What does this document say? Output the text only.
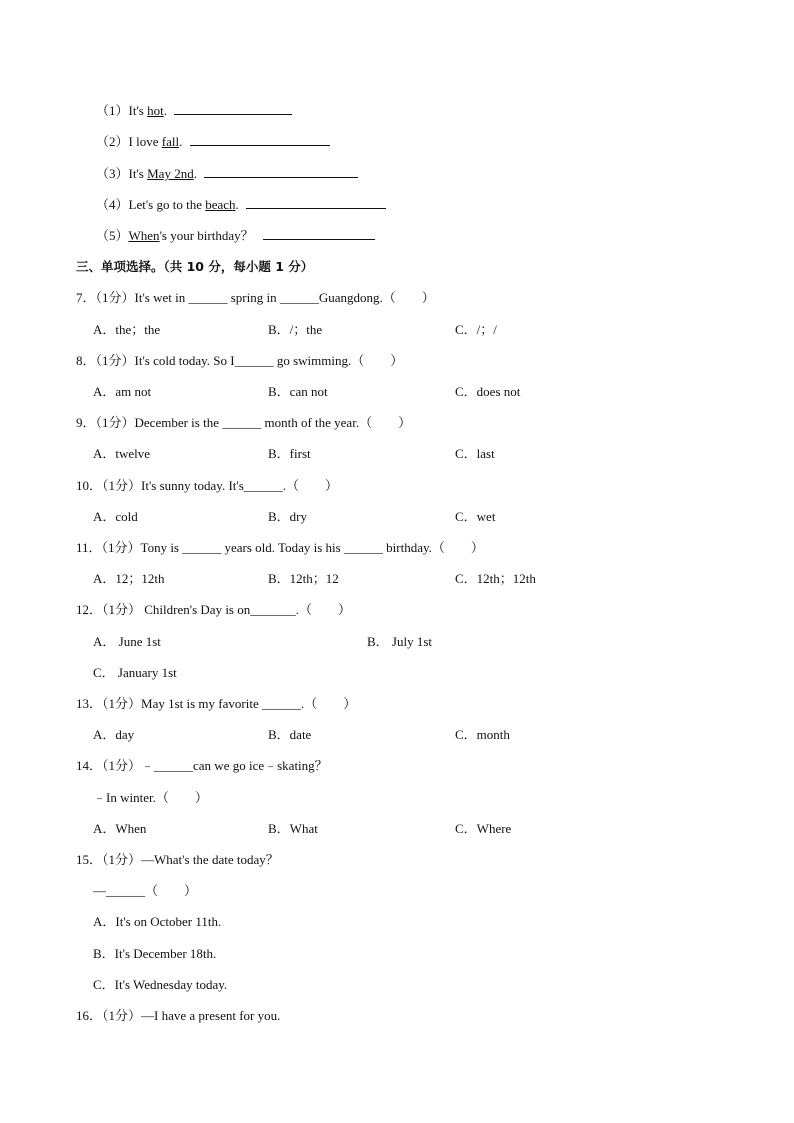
（1）It's hot.
（2）I love fall.
（3）It's May 2nd.
（4）Let's go to the beach.
（5）When's your birthday？
三、单项选择。（共 10 分，每小题 1 分）
7．（1分）It's wet in ______ spring in ______Guangdong.（　　）
A．the；the	B．/；the	C．/；/
8．（1分）It's cold today. So I______ go swimming.（　　）
A．am not	B．can not	C．does not
9．（1分）December is the ______ month of the year.（　　）
A．twelve	B．first	C．last
10．（1分）It's sunny today. It's______.（　　）
A．cold	B．dry	C．wet
11．（1分）Tony is ______ years old. Today is his ______ birthday.（　　）
A．12；12th	B．12th；12	C．12th；12th
12．（1分） Children's Day is on_______.（　　）
A． June 1st	B． July 1st
C． January 1st
13．（1分）May 1st is my favorite ______.（　　）
A．day	B．date	C．month
14．（1分）﹣______can we go ice﹣skating？
﹣In winter.（　　）
A．When	B．What	C．Where
15．（1分）—What's the date today？
—______（　　）
A．It's on October 11th.
B．It's December 18th.
C．It's Wednesday today.
16．（1分）—I have a present for you.
